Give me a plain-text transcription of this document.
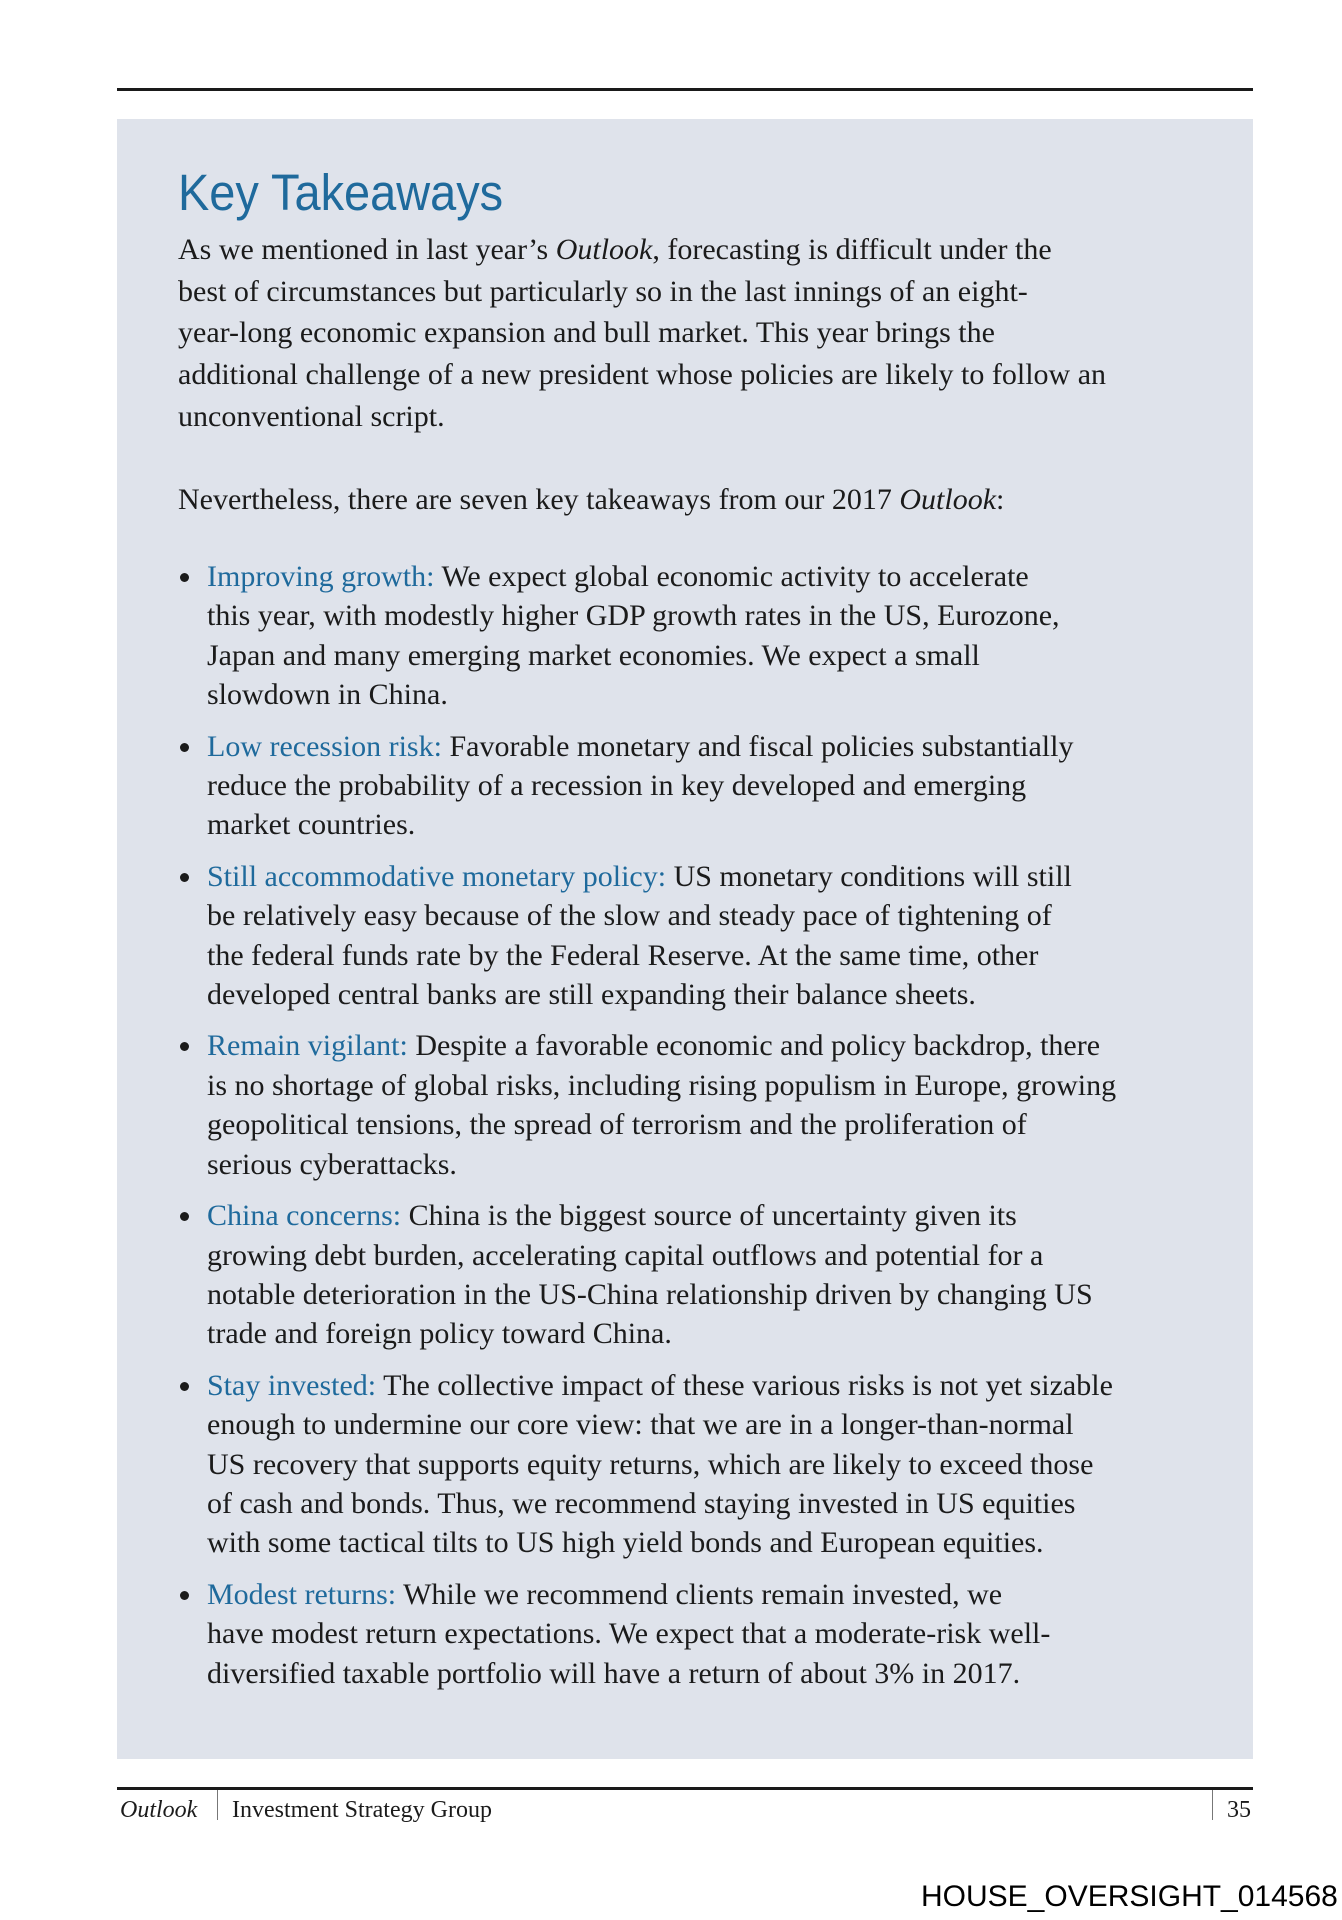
Key Takeaways

As we mentioned in last year’s Outlook, forecasting is difficult under the
best of circumstances but particularly so in the last innings of an eight-
year-long economic expansion and bull market. This year brings the
additional challenge of a new president whose policies are likely to follow an
unconventional script.

Nevertheless, there are seven key takeaways from our 2017 Outlook:

Improving growth: We expect global economic activity to accelerate
this year, with modestly higher GDP growth rates in the US, Eurozone,
Japan and many emerging market economies. We expect a small
slowdown in China.
Low recession risk: Favorable monetary and fiscal policies substantially
reduce the probability of a recession in key developed and emerging
market countries.
Still accommodative monetary policy: US monetary conditions will still
be relatively easy because of the slow and steady pace of tightening of
the federal funds rate by the Federal Reserve. At the same time, other
developed central banks are still expanding their balance sheets.
Remain vigilant: Despite a favorable economic and policy backdrop, there
is no shortage of global risks, including rising populism in Europe, growing
geopolitical tensions, the spread of terrorism and the proliferation of
serious cyberattacks.
China concerns: China is the biggest source of uncertainty given its
growing debt burden, accelerating capital outflows and potential for a
notable deterioration in the US-China relationship driven by changing US
trade and foreign policy toward China.
Stay invested: The collective impact of these various risks is not yet sizable
enough to undermine our core view: that we are in a longer-than-normal
US recovery that supports equity returns, which are likely to exceed those
of cash and bonds. Thus, we recommend staying invested in US equities
with some tactical tilts to US high yield bonds and European equities.
Modest returns: While we recommend clients remain invested, we
have modest return expectations. We expect that a moderate-risk well-
diversified taxable portfolio will have a return of about 3% in 2017.
Outlook Investment Strategy Group	35
HOUSE_OVERSIGHT_014568
